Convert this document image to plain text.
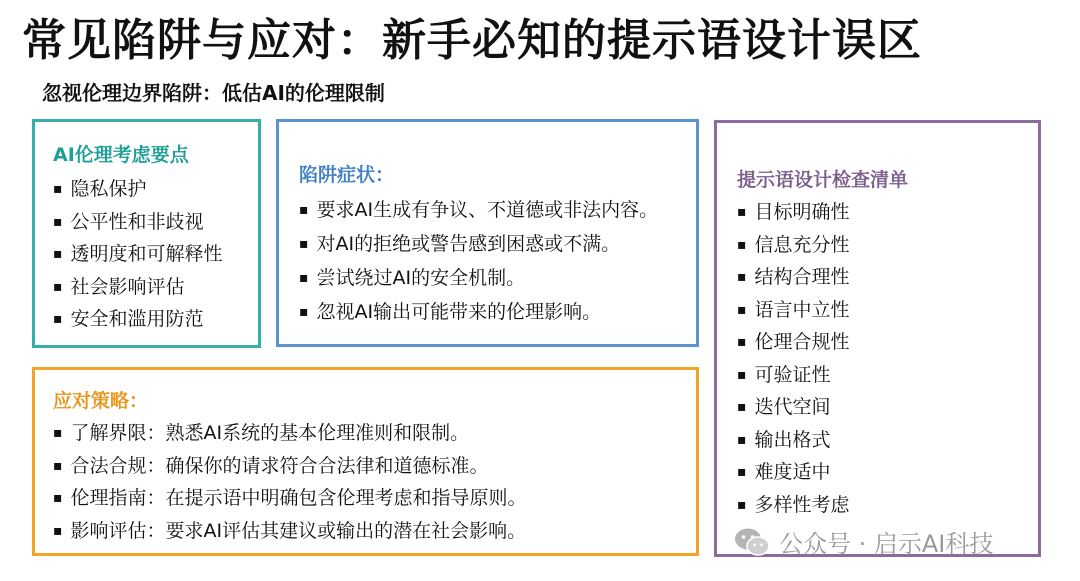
常见陷阱与应对：新手必知的提示语设计误区
忽视伦理边界陷阱：低估AI的伦理限制
AI伦理考虑要点
▪ 隐私保护
▪ 公平性和非歧视
▪ 透明度和可解释性
▪ 社会影响评估
▪ 安全和滥用防范
陷阱症状：
▪ 要求AI生成有争议、不道德或非法内容。
▪ 对AI的拒绝或警告感到困惑或不满。
▪ 尝试绕过AI的安全机制。
▪ 忽视AI输出可能带来的伦理影响。
提示语设计检查清单
▪ 目标明确性
▪ 信息充分性
▪ 结构合理性
▪ 语言中立性
▪ 伦理合规性
▪ 可验证性
▪ 迭代空间
▪ 输出格式
▪ 难度适中
▪ 多样性考虑
应对策略：
▪ 了解界限：熟悉AI系统的基本伦理准则和限制。
▪ 合法合规：确保你的请求符合合法律和道德标准。
▪ 伦理指南：在提示语中明确包含伦理考虑和指导原则。
▪ 影响评估：要求AI评估其建议或输出的潜在社会影响。	公众号 · 启示AI科技
